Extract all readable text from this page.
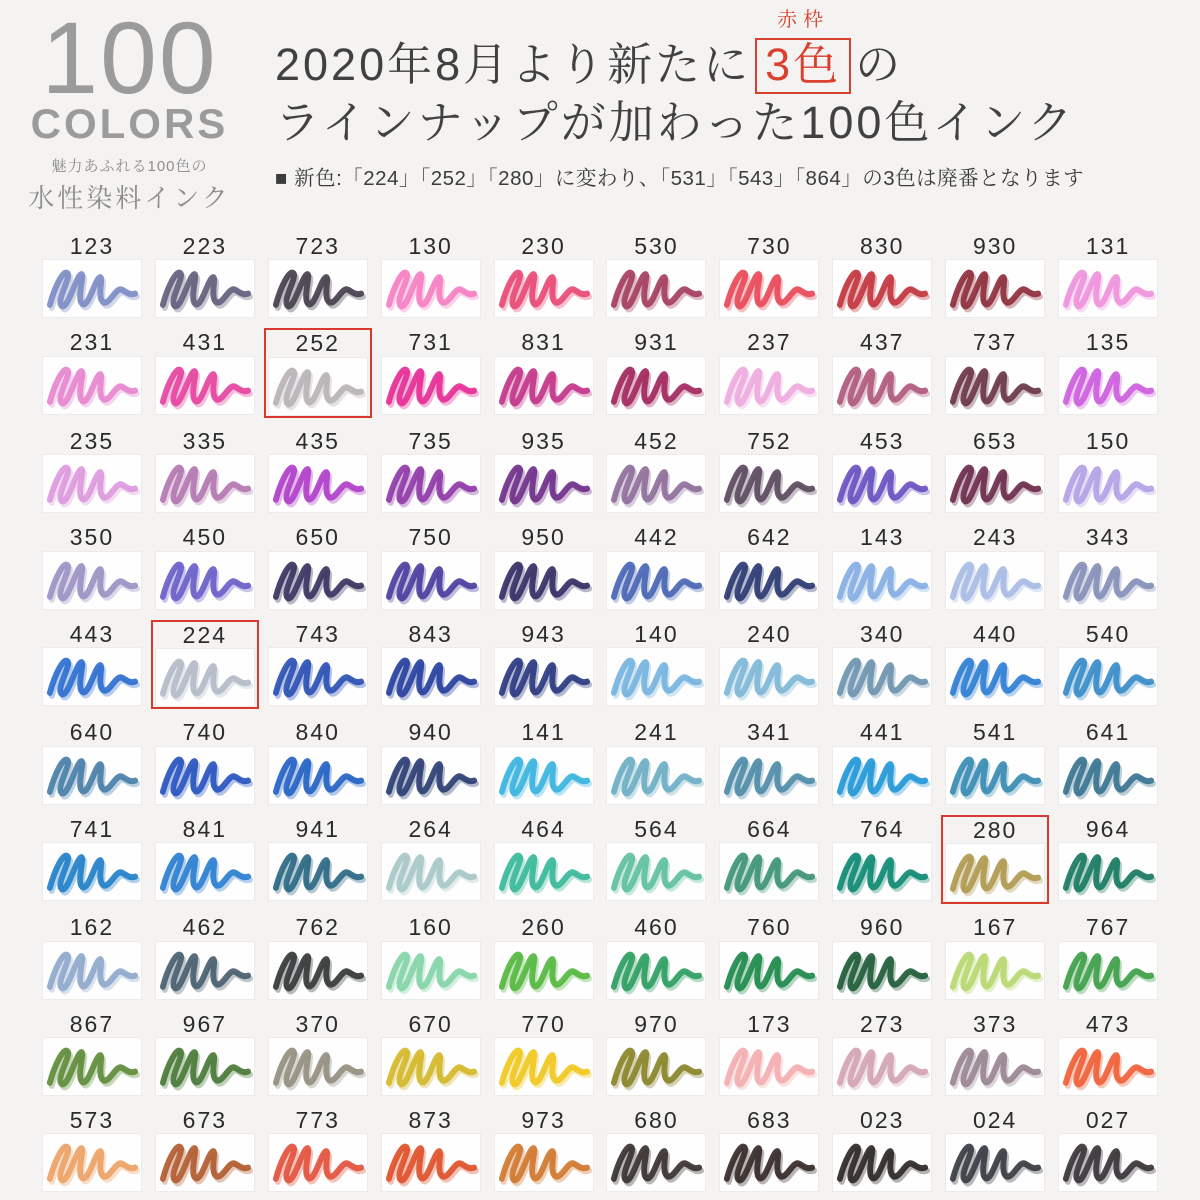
100
COLORS
魅力あふれる100色の
水性染料インク
2020年8月より新たに
赤枠
3色 の
ラインナップが加わった100色インク
■ 新色:「224」「252」「280」に変わり、「531」「543」「864」の3色は廃番となります
123	223	723	130	230	530	730	830	930	131
231	431	252	731	831	931	237	437	737	135
235	335	435	735	935	452	752	453	653	150
350	450	650	750	950	442	642	143	243	343
443	224	743	843	943	140	240	340	440	540
640	740	840	940	141	241	341	441	541	641
741	841	941	264	464	564	664	764	280	964
162	462	762	160	260	460	760	960	167	767
867	967	370	670	770	970	173	273	373	473
573	673	773	873	973	680	683	023	024	027
